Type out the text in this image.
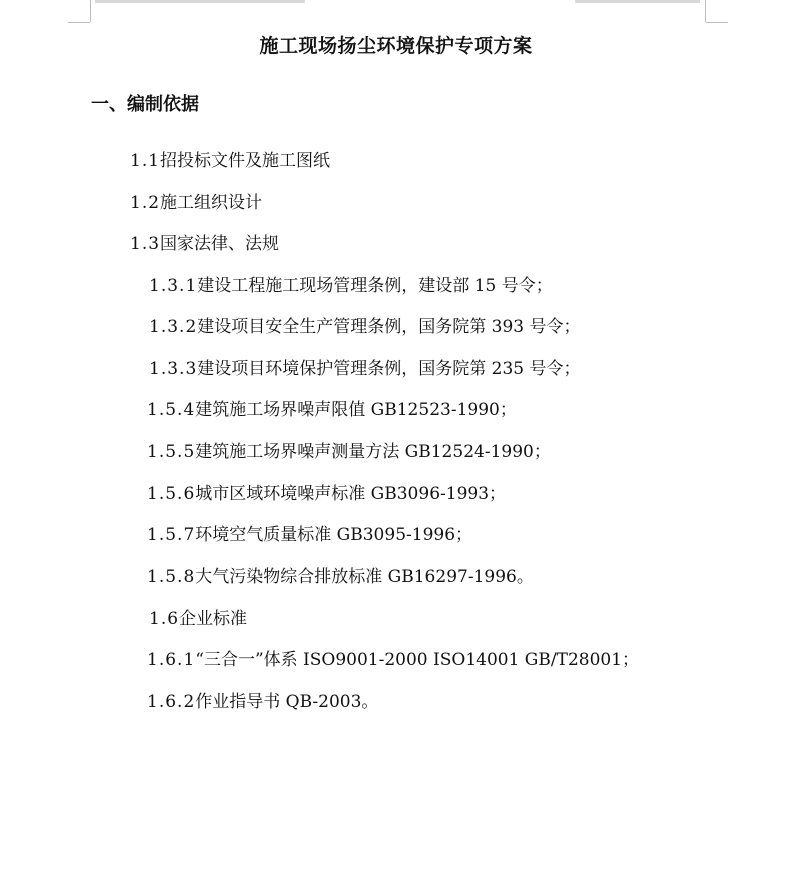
施工现场扬尘环境保护专项方案
一、编制依据
1.1招投标文件及施工图纸
1.2施工组织设计
1.3国家法律、法规
1.3.1建设工程施工现场管理条例，建设部 15 号令；
1.3.2建设项目安全生产管理条例，国务院第 393 号令；
1.3.3建设项目环境保护管理条例，国务院第 235 号令；
1.5.4建筑施工场界噪声限值 GB12523-1990；
1.5.5建筑施工场界噪声测量方法 GB12524-1990；
1.5.6城市区域环境噪声标准 GB3096-1993；
1.5.7环境空气质量标准 GB3095-1996；
1.5.8大气污染物综合排放标准 GB16297-1996。
1.6企业标准
1.6.1“三合一”体系 ISO9001-2000 ISO14001 GB/T28001；
1.6.2作业指导书 QB-2003。
